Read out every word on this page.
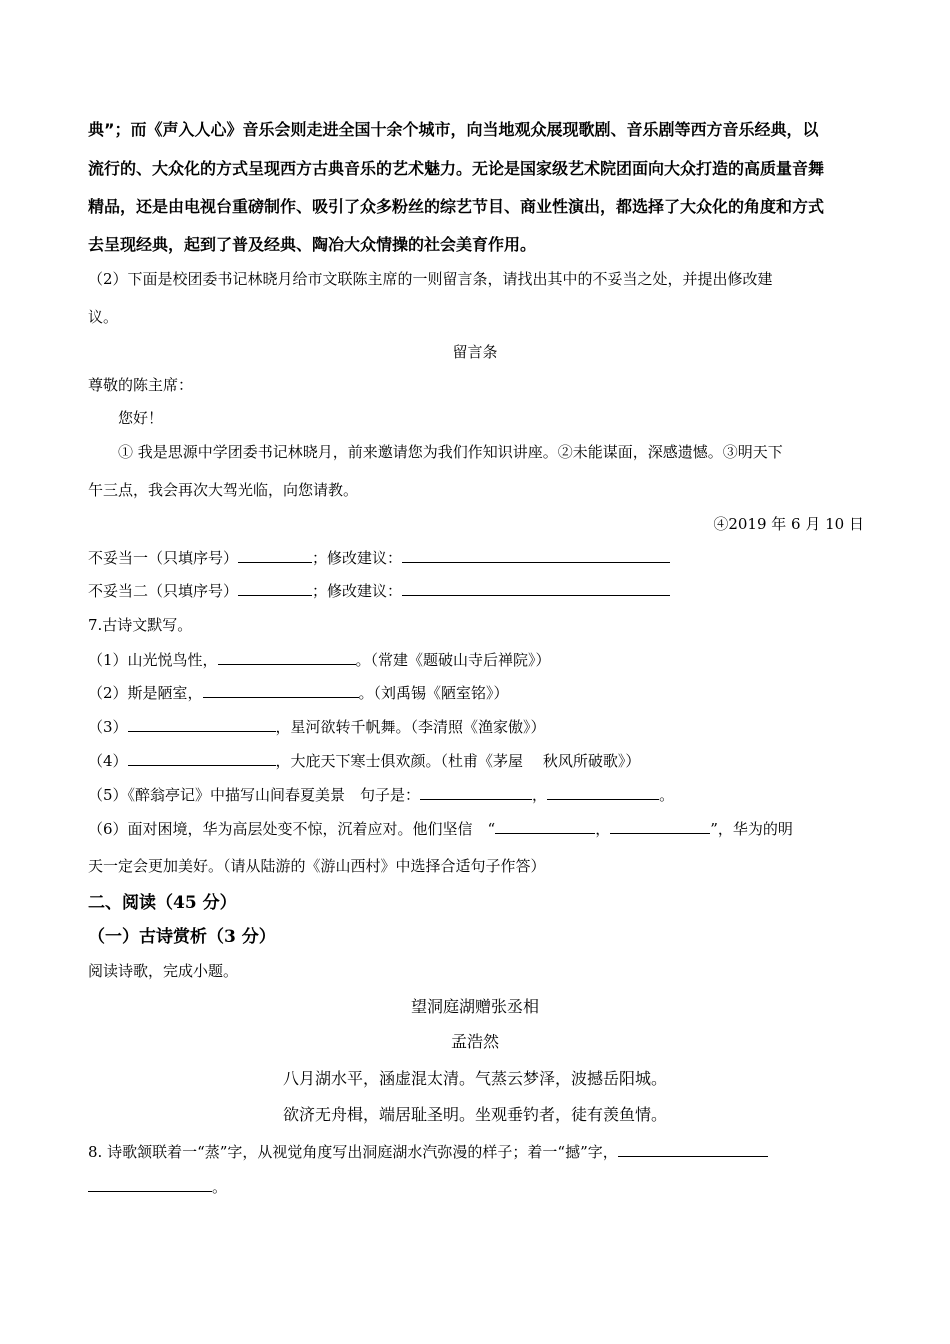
典”；而《声入人心》音乐会则走进全国十余个城市，向当地观众展现歌剧、音乐剧等西方音乐经典，以
流行的、大众化的方式呈现西方古典音乐的艺术魅力。无论是国家级艺术院团面向大众打造的高质量音舞
精品，还是由电视台重磅制作、吸引了众多粉丝的综艺节目、商业性演出，都选择了大众化的角度和方式
去呈现经典，起到了普及经典、陶冶大众情操的社会美育作用。
（2）下面是校团委书记林晓月给市文联陈主席的一则留言条，请找出其中的不妥当之处，并提出修改建
议。
留言条
尊敬的陈主席：
您好！
① 我是思源中学团委书记林晓月，前来邀请您为我们作知识讲座。②未能谋面，深感遗憾。③明天下
午三点，我会再次大驾光临，向您请教。
④2019 年 6 月 10 日
不妥当一（只填序号）	；修改建议：
不妥当二（只填序号）	；修改建议：
7.古诗文默写。
（1）山光悦鸟性，	。（常建《题破山寺后禅院》）
（2）斯是陋室，	。（刘禹锡《陋室铭》）
（3）	，星河欲转千帆舞。（李清照《渔家傲》）
（4）	，大庇天下寒士俱欢颜。（杜甫《茅屋　 秋风所破歌》）
（5）《醉翁亭记》中描写山间春夏美景　句子是：	，	。
（6）面对困境，华为高层处变不惊，沉着应对。他们坚信　“	，	”，华为的明
天一定会更加美好。（请从陆游的《游山西村》中选择合适句子作答）
二、阅读（45 分）
（一）古诗赏析（3 分）
阅读诗歌，完成小题。
望洞庭湖赠张丞相
孟浩然
八月湖水平，涵虚混太清。气蒸云梦泽，波撼岳阳城。
欲济无舟楫，端居耻圣明。坐观垂钓者，徒有羡鱼情。
8. 诗歌颔联着一“蒸”字，从视觉角度写出洞庭湖水汽弥漫的样子；着一“撼”字，
。
